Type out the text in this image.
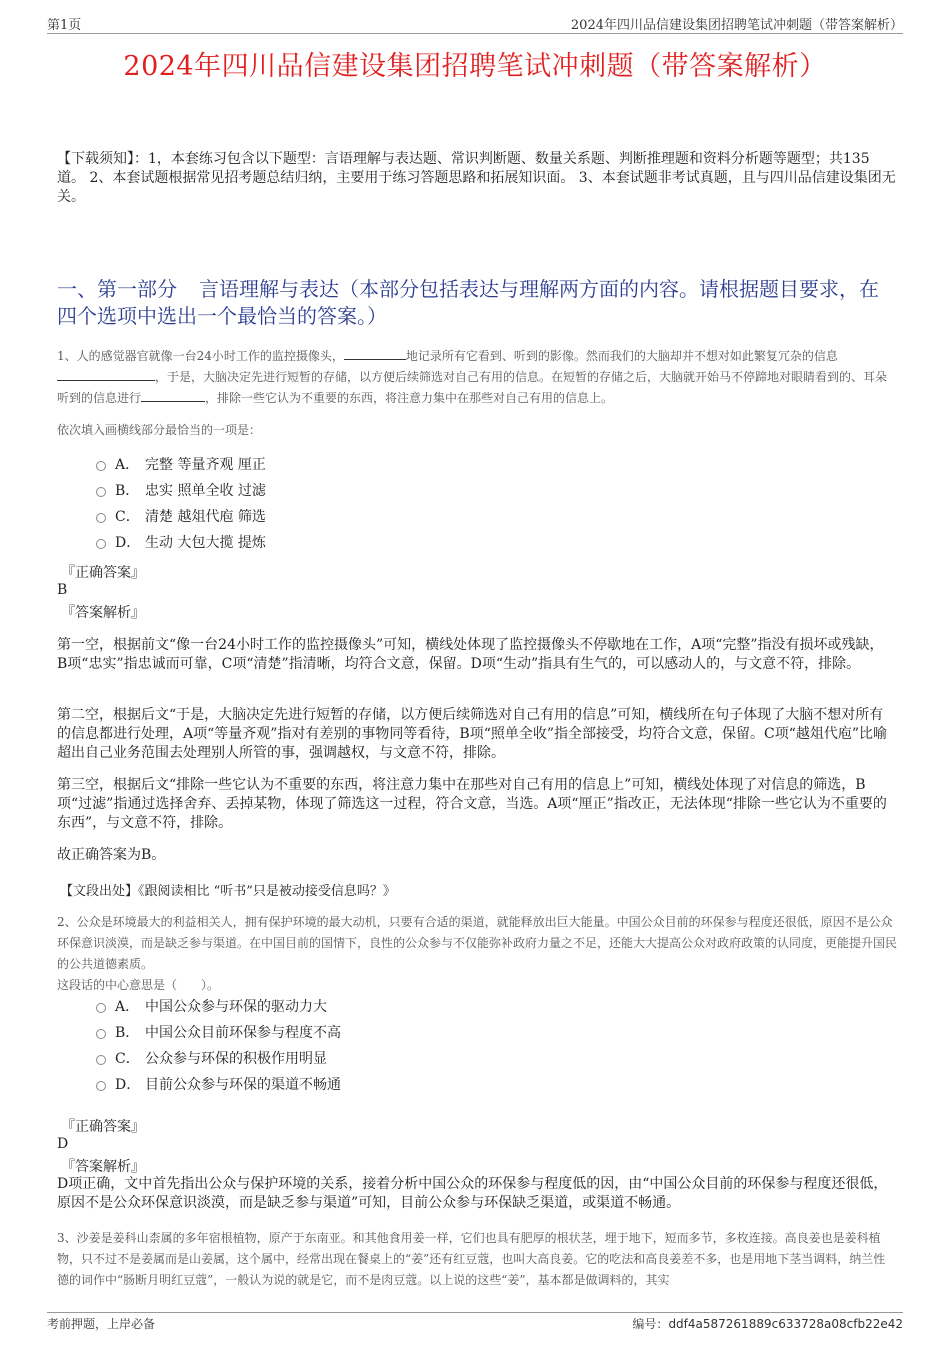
第1页	2024年四川品信建设集团招聘笔试冲刺题（带答案解析）
2024年四川品信建设集团招聘笔试冲刺题（带答案解析）
【下载须知】：1，本套练习包含以下题型：言语理解与表达题、常识判断题、数量关系题、判断推理题和资料分析题等题型；共135道。 2、本套试题根据常见招考题总结归纳，主要用于练习答题思路和拓展知识面。 3、本套试题非考试真题，且与四川品信建设集团无关。
一、第一部分 言语理解与表达（本部分包括表达与理解两方面的内容。请根据题目要求，在四个选项中选出一个最恰当的答案。）
1、人的感觉器官就像一台24小时工作的监控摄像头，	地记录所有它看到、听到的影像。然而我们的大脑却并不想对如此繁复冗杂的信息，于是，大脑决定先进行短暂的存储，以方便后续筛选对自己有用的信息。在短暂的存储之后，大脑就开始马不停蹄地对眼睛看到的、耳朵听到的信息进行	，排除一些它认为不重要的东西，将注意力集中在那些对自己有用的信息上。
依次填入画横线部分最恰当的一项是：
A． 完整 等量齐观 厘正
B． 忠实 照单全收 过滤
C． 清楚 越俎代庖 筛选
D． 生动 大包大揽 提炼
『正确答案』
B
『答案解析』
第一空，根据前文“像一台24小时工作的监控摄像头”可知，横线处体现了监控摄像头不停歇地在工作，A项“完整”指没有损坏或残缺，B项“忠实”指忠诚而可靠，C项“清楚”指清晰，均符合文意，保留。D项“生动”指具有生气的，可以感动人的，与文意不符，排除。
第二空，根据后文“于是，大脑决定先进行短暂的存储，以方便后续筛选对自己有用的信息”可知，横线所在句子体现了大脑不想对所有的信息都进行处理，A项“等量齐观”指对有差别的事物同等看待，B项“照单全收”指全部接受，均符合文意，保留。C项“越俎代庖”比喻超出自己业务范围去处理别人所管的事，强调越权，与文意不符，排除。
第三空，根据后文“排除一些它认为不重要的东西，将注意力集中在那些对自己有用的信息上”可知，横线处体现了对信息的筛选，B项“过滤”指通过选择舍弃、丢掉某物，体现了筛选这一过程，符合文意，当选。A项“厘正”指改正，无法体现“排除一些它认为不重要的东西”，与文意不符，排除。
故正确答案为B。
【文段出处】《跟阅读相比 “听书”只是被动接受信息吗？》
2、公众是环境最大的利益相关人，拥有保护环境的最大动机，只要有合适的渠道，就能释放出巨大能量。中国公众目前的环保参与程度还很低，原因不是公众环保意识淡漠，而是缺乏参与渠道。在中国目前的国情下，良性的公众参与不仅能弥补政府力量之不足，还能大大提高公众对政府政策的认同度，更能提升国民的公共道德素质。
这段话的中心意思是（　　）。
A． 中国公众参与环保的驱动力大
B． 中国公众目前环保参与程度不高
C． 公众参与环保的积极作用明显
D． 目前公众参与环保的渠道不畅通
『正确答案』
D
『答案解析』
D项正确，文中首先指出公众与保护环境的关系，接着分析中国公众的环保参与程度低的因，由“中国公众目前的环保参与程度还很低，原因不是公众环保意识淡漠，而是缺乏参与渠道”可知，目前公众参与环保缺乏渠道，或渠道不畅通。
3、沙姜是姜科山柰属的多年宿根植物，原产于东南亚。和其他食用姜一样，它们也具有肥厚的根状茎，埋于地下，短而多节，多枚连接。高良姜也是姜科植物，只不过不是姜属而是山姜属，这个属中，经常出现在餐桌上的“姜”还有红豆蔻，也叫大高良姜。它的吃法和高良姜差不多，也是用地下茎当调料，纳兰性德的词作中“肠断月明红豆蔻”，一般认为说的就是它，而不是肉豆蔻。以上说的这些“姜”，基本都是做调料的，其实
考前押题，上岸必备	编号：ddf4a587261889c633728a08cfb22e42
